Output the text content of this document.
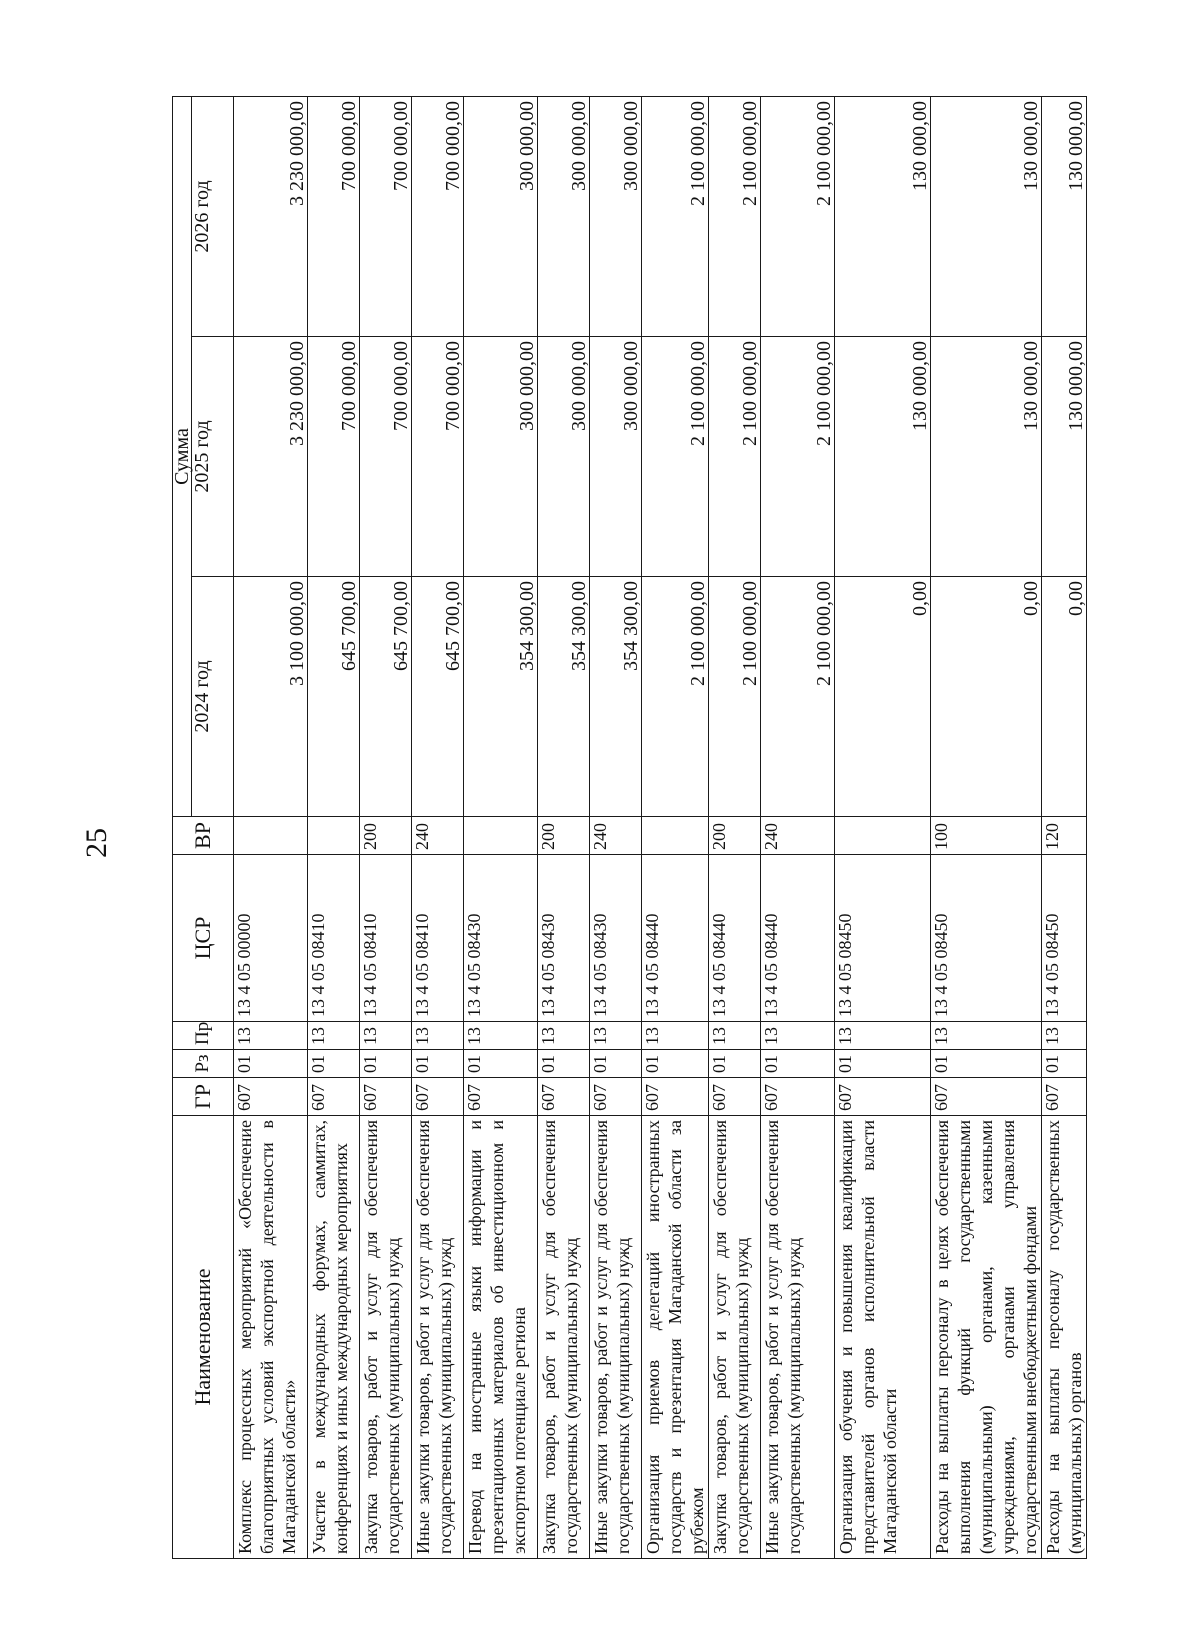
25
Наименование	ГР	Рз	Пр	ЦСР	ВР	Сумма		
						2024 год	2025 год	2026 год
Комплекс процессных мероприятий «Обеспечение благоприятных условий экспортной деятельности в Магаданской области»	607	01	13	13 4 05 00000		3 100 000,00	3 230 000,00	3 230 000,00
Участие в международных форумах, саммитах, конференциях и иных международных мероприятиях	607	01	13	13 4 05 08410		645 700,00	700 000,00	700 000,00
Закупка товаров, работ и услуг для обеспечения государственных (муниципальных) нужд	607	01	13	13 4 05 08410	200	645 700,00	700 000,00	700 000,00
Иные закупки товаров, работ и услуг для обеспечения государственных (муниципальных) нужд	607	01	13	13 4 05 08410	240	645 700,00	700 000,00	700 000,00
Перевод на иностранные языки информации и презентационных материалов об инвестиционном и экспортном потенциале региона	607	01	13	13 4 05 08430		354 300,00	300 000,00	300 000,00
Закупка товаров, работ и услуг для обеспечения государственных (муниципальных) нужд	607	01	13	13 4 05 08430	200	354 300,00	300 000,00	300 000,00
Иные закупки товаров, работ и услуг для обеспечения государственных (муниципальных) нужд	607	01	13	13 4 05 08430	240	354 300,00	300 000,00	300 000,00
Организация приемов делегаций иностранных государств и презентация Магаданской области за рубежом	607	01	13	13 4 05 08440		2 100 000,00	2 100 000,00	2 100 000,00
Закупка товаров, работ и услуг для обеспечения государственных (муниципальных) нужд	607	01	13	13 4 05 08440	200	2 100 000,00	2 100 000,00	2 100 000,00
Иные закупки товаров, работ и услуг для обеспечения государственных (муниципальных) нужд	607	01	13	13 4 05 08440	240	2 100 000,00	2 100 000,00	2 100 000,00
Организация обучения и повышения квалификации представителей органов исполнительной власти Магаданской области	607	01	13	13 4 05 08450		0,00	130 000,00	130 000,00
Расходы на выплаты персоналу в целях обеспечения выполнения функций государственными (муниципальными) органами, казенными учреждениями, органами управления государственными внебюджетными фондами	607	01	13	13 4 05 08450	100	0,00	130 000,00	130 000,00
Расходы на выплаты персоналу государственных (муниципальных) органов	607	01	13	13 4 05 08450	120	0,00	130 000,00	130 000,00
